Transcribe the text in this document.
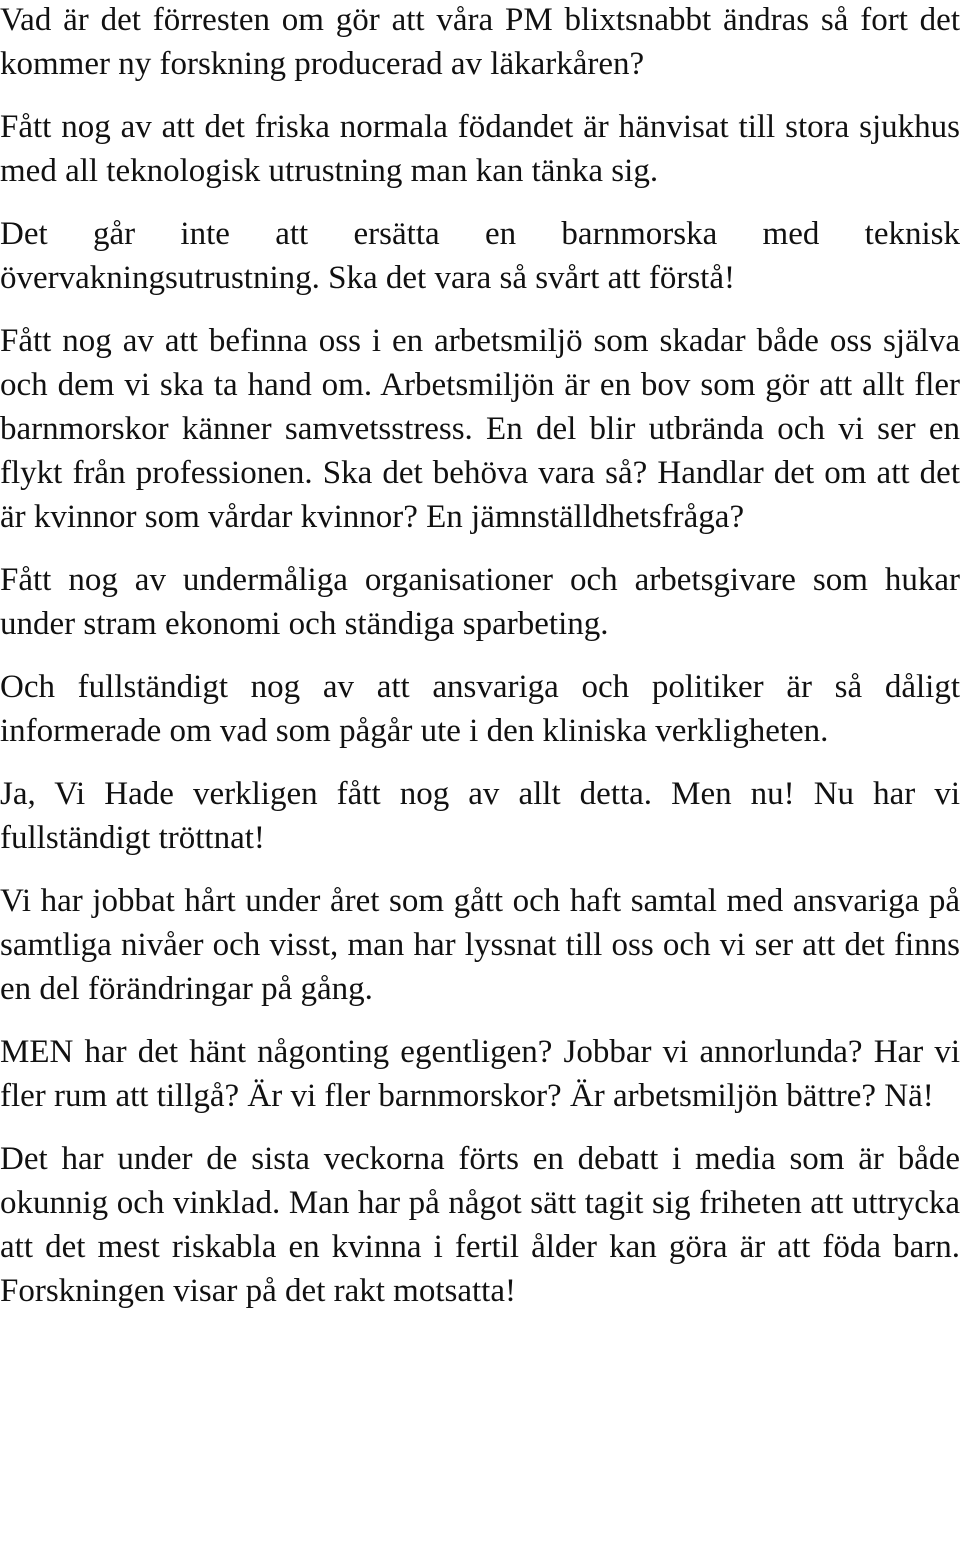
Vad är det förresten om gör att våra PM blixtsnabbt ändras så fort det kommer ny forskning producerad av läkarkåren?

Fått nog av att det friska normala födandet är hänvisat till stora sjukhus med all teknologisk utrustning man kan tänka sig.

Det går inte att ersätta en barnmorska med teknisk övervakningsutrustning. Ska det vara så svårt att förstå!

Fått nog av att befinna oss i en arbetsmiljö som skadar både oss själva och dem vi ska ta hand om. Arbetsmiljön är en bov som gör att allt fler barnmorskor känner samvetsstress. En del blir utbrända och vi ser en flykt från professionen. Ska det behöva vara så? Handlar det om att det är kvinnor som vårdar kvinnor? En jämnställdhetsfråga?

Fått nog av undermåliga organisationer och arbetsgivare som hukar under stram ekonomi och ständiga sparbeting.

Och fullständigt nog av att ansvariga och politiker är så dåligt informerade om vad som pågår ute i den kliniska verkligheten.

Ja, Vi Hade verkligen fått nog av allt detta. Men nu! Nu har vi fullständigt tröttnat!

Vi har jobbat hårt under året som gått och haft samtal med ansvariga på samtliga nivåer och visst, man har lyssnat till oss och vi ser att det finns en del förändringar på gång.

MEN har det hänt någonting egentligen? Jobbar vi annorlunda? Har vi fler rum att tillgå? Är vi fler barnmorskor? Är arbetsmiljön bättre? Nä!

Det har under de sista veckorna förts en debatt i media som är både okunnig och vinklad. Man har på något sätt tagit sig friheten att uttrycka att det mest riskabla en kvinna i fertil ålder kan göra är att föda barn. Forskningen visar på det rakt motsatta!
